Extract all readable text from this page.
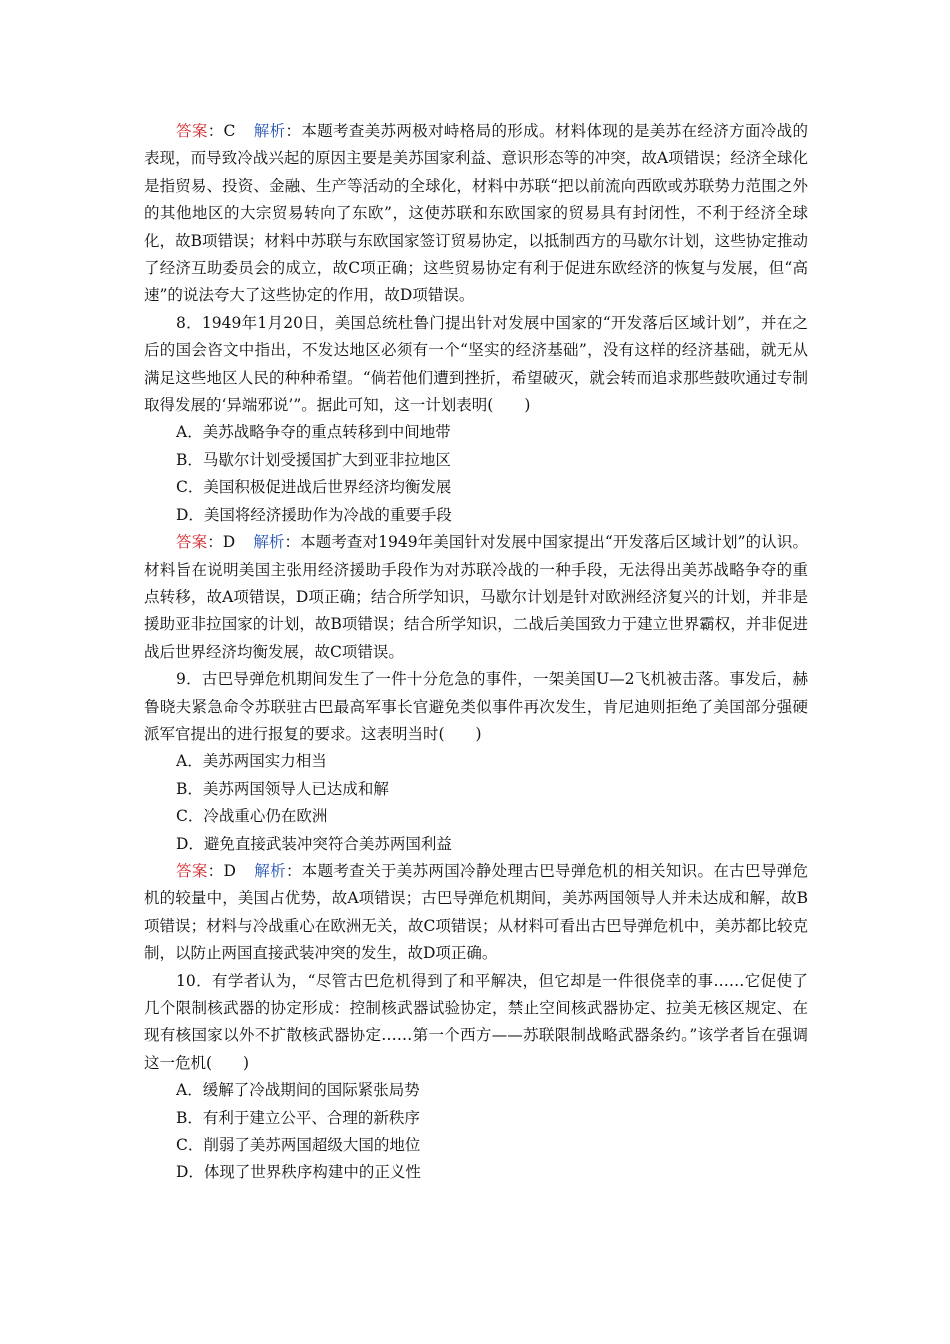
答案：C 解析：本题考查美苏两极对峙格局的形成。材料体现的是美苏在经济方面冷战的表现，而导致冷战兴起的原因主要是美苏国家利益、意识形态等的冲突，故A项错误；经济全球化是指贸易、投资、金融、生产等活动的全球化，材料中苏联“把以前流向西欧或苏联势力范围之外的其他地区的大宗贸易转向了东欧”，这使苏联和东欧国家的贸易具有封闭性，不利于经济全球化，故B项错误；材料中苏联与东欧国家签订贸易协定，以抵制西方的马歇尔计划，这些协定推动了经济互助委员会的成立，故C项正确；这些贸易协定有利于促进东欧经济的恢复与发展，但“高速”的说法夸大了这些协定的作用，故D项错误。

8．1949年1月20日，美国总统杜鲁门提出针对发展中国家的“开发落后区域计划”，并在之后的国会咨文中指出，不发达地区必须有一个“坚实的经济基础”，没有这样的经济基础，就无从满足这些地区人民的种种希望。“倘若他们遭到挫折，希望破灭，就会转而追求那些鼓吹通过专制取得发展的‘异端邪说’”。据此可知，这一计划表明(　　)

A．美苏战略争夺的重点转移到中间地带

B．马歇尔计划受援国扩大到亚非拉地区

C．美国积极促进战后世界经济均衡发展

D．美国将经济援助作为冷战的重要手段

答案：D 解析：本题考查对1949年美国针对发展中国家提出“开发落后区域计划”的认识。材料旨在说明美国主张用经济援助手段作为对苏联冷战的一种手段，无法得出美苏战略争夺的重点转移，故A项错误，D项正确；结合所学知识，马歇尔计划是针对欧洲经济复兴的计划，并非是援助亚非拉国家的计划，故B项错误；结合所学知识，二战后美国致力于建立世界霸权，并非促进战后世界经济均衡发展，故C项错误。

9．古巴导弹危机期间发生了一件十分危急的事件，一架美国U—2飞机被击落。事发后，赫鲁晓夫紧急命令苏联驻古巴最高军事长官避免类似事件再次发生，肯尼迪则拒绝了美国部分强硬派军官提出的进行报复的要求。这表明当时(　　)

A．美苏两国实力相当

B．美苏两国领导人已达成和解

C．冷战重心仍在欧洲

D．避免直接武装冲突符合美苏两国利益

答案：D 解析：本题考查关于美苏两国冷静处理古巴导弹危机的相关知识。在古巴导弹危机的较量中，美国占优势，故A项错误；古巴导弹危机期间，美苏两国领导人并未达成和解，故B项错误；材料与冷战重心在欧洲无关，故C项错误；从材料可看出古巴导弹危机中，美苏都比较克制，以防止两国直接武装冲突的发生，故D项正确。

10．有学者认为，“尽管古巴危机得到了和平解决，但它却是一件很侥幸的事……它促使了几个限制核武器的协定形成：控制核武器试验协定，禁止空间核武器协定、拉美无核区规定、在现有核国家以外不扩散核武器协定……第一个西方——苏联限制战略武器条约。”该学者旨在强调这一危机(　　)

A．缓解了冷战期间的国际紧张局势

B．有利于建立公平、合理的新秩序

C．削弱了美苏两国超级大国的地位

D．体现了世界秩序构建中的正义性
